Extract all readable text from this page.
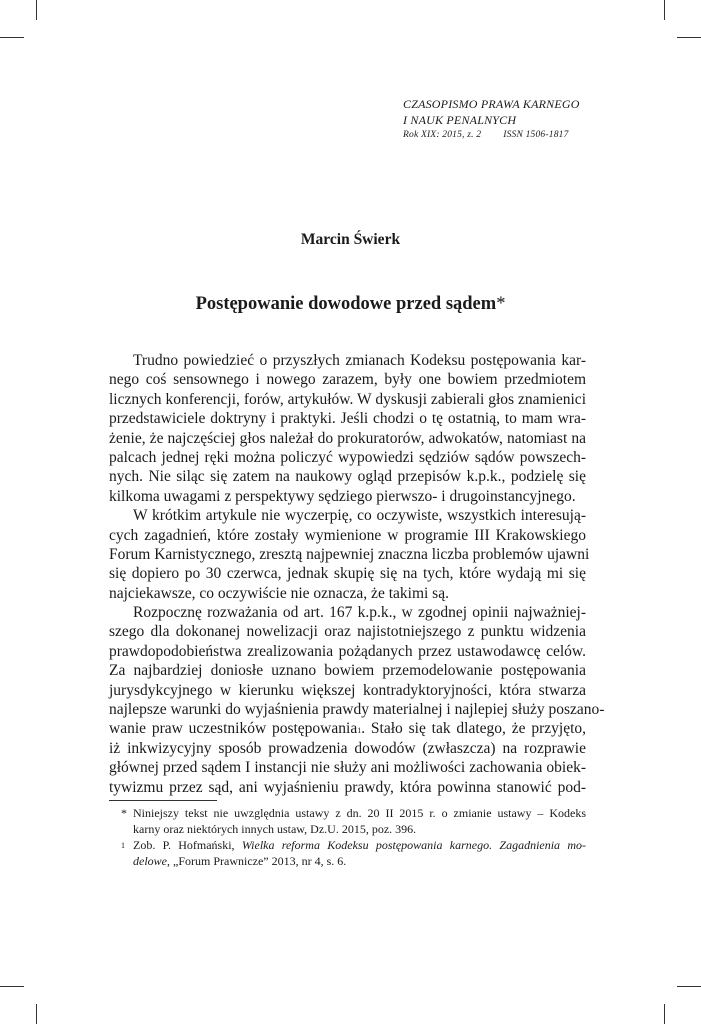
CZASOPISMO PRAWA KARNEGO
I NAUK PENALNYCH
Rok XIX: 2015, z. 2 ISSN 1506-1817
Marcin Świerk
Postępowanie dowodowe przed sądem*
Trudno powiedzieć o przyszłych zmianach Kodeksu postępowania kar-
nego coś sensownego i nowego zarazem, były one bowiem przedmiotem
licznych konferencji, forów, artykułów. W dyskusji zabierali głos znamienici
przedstawiciele doktryny i praktyki. Jeśli chodzi o tę ostatnią, to mam wra-
żenie, że najczęściej głos należał do prokuratorów, adwokatów, natomiast na
palcach jednej ręki można policzyć wypowiedzi sędziów sądów powszech-
nych. Nie siląc się zatem na naukowy ogląd przepisów k.p.k., podzielę się
kilkoma uwagami z perspektywy sędziego pierwszo- i drugoinstancyjnego.
W krótkim artykule nie wyczerpię, co oczywiste, wszystkich interesują-
cych zagadnień, które zostały wymienione w programie III Krakowskiego
Forum Karnistycznego, zresztą najpewniej znaczna liczba problemów ujawni
się dopiero po 30 czerwca, jednak skupię się na tych, które wydają mi się
najciekawsze, co oczywiście nie oznacza, że takimi są.
Rozpocznę rozważania od art. 167 k.p.k., w zgodnej opinii najważniej-
szego dla dokonanej nowelizacji oraz najistotniejszego z punktu widzenia
prawdopodobieństwa zrealizowania pożądanych przez ustawodawcę celów.
Za najbardziej doniosłe uznano bowiem przemodelowanie postępowania
jurysdykcyjnego w kierunku większej kontradyktoryjności, która stwarza
najlepsze warunki do wyjaśnienia prawdy materialnej i najlepiej służy poszano-
wanie praw uczestników postępowania$^1$. Stało się tak dlatego, że przyjęto,
iż inkwizycyjny sposób prowadzenia dowodów (zwłaszcza) na rozprawie
głównej przed sądem I instancji nie służy ani możliwości zachowania obiek-
tywizmu przez sąd, ani wyjaśnieniu prawdy, która powinna stanowić pod-
* Niniejszy tekst nie uwzględnia ustawy z dn. 20 II 2015 r. o zmianie ustawy – Kodeks
karny oraz niektórych innych ustaw, Dz.U. 2015, poz. 396.
1 Zob. P. Hofmański, Wielka reforma Kodeksu postępowania karnego. Zagadnienia mo-
delowe, „Forum Prawnicze” 2013, nr 4, s. 6.
